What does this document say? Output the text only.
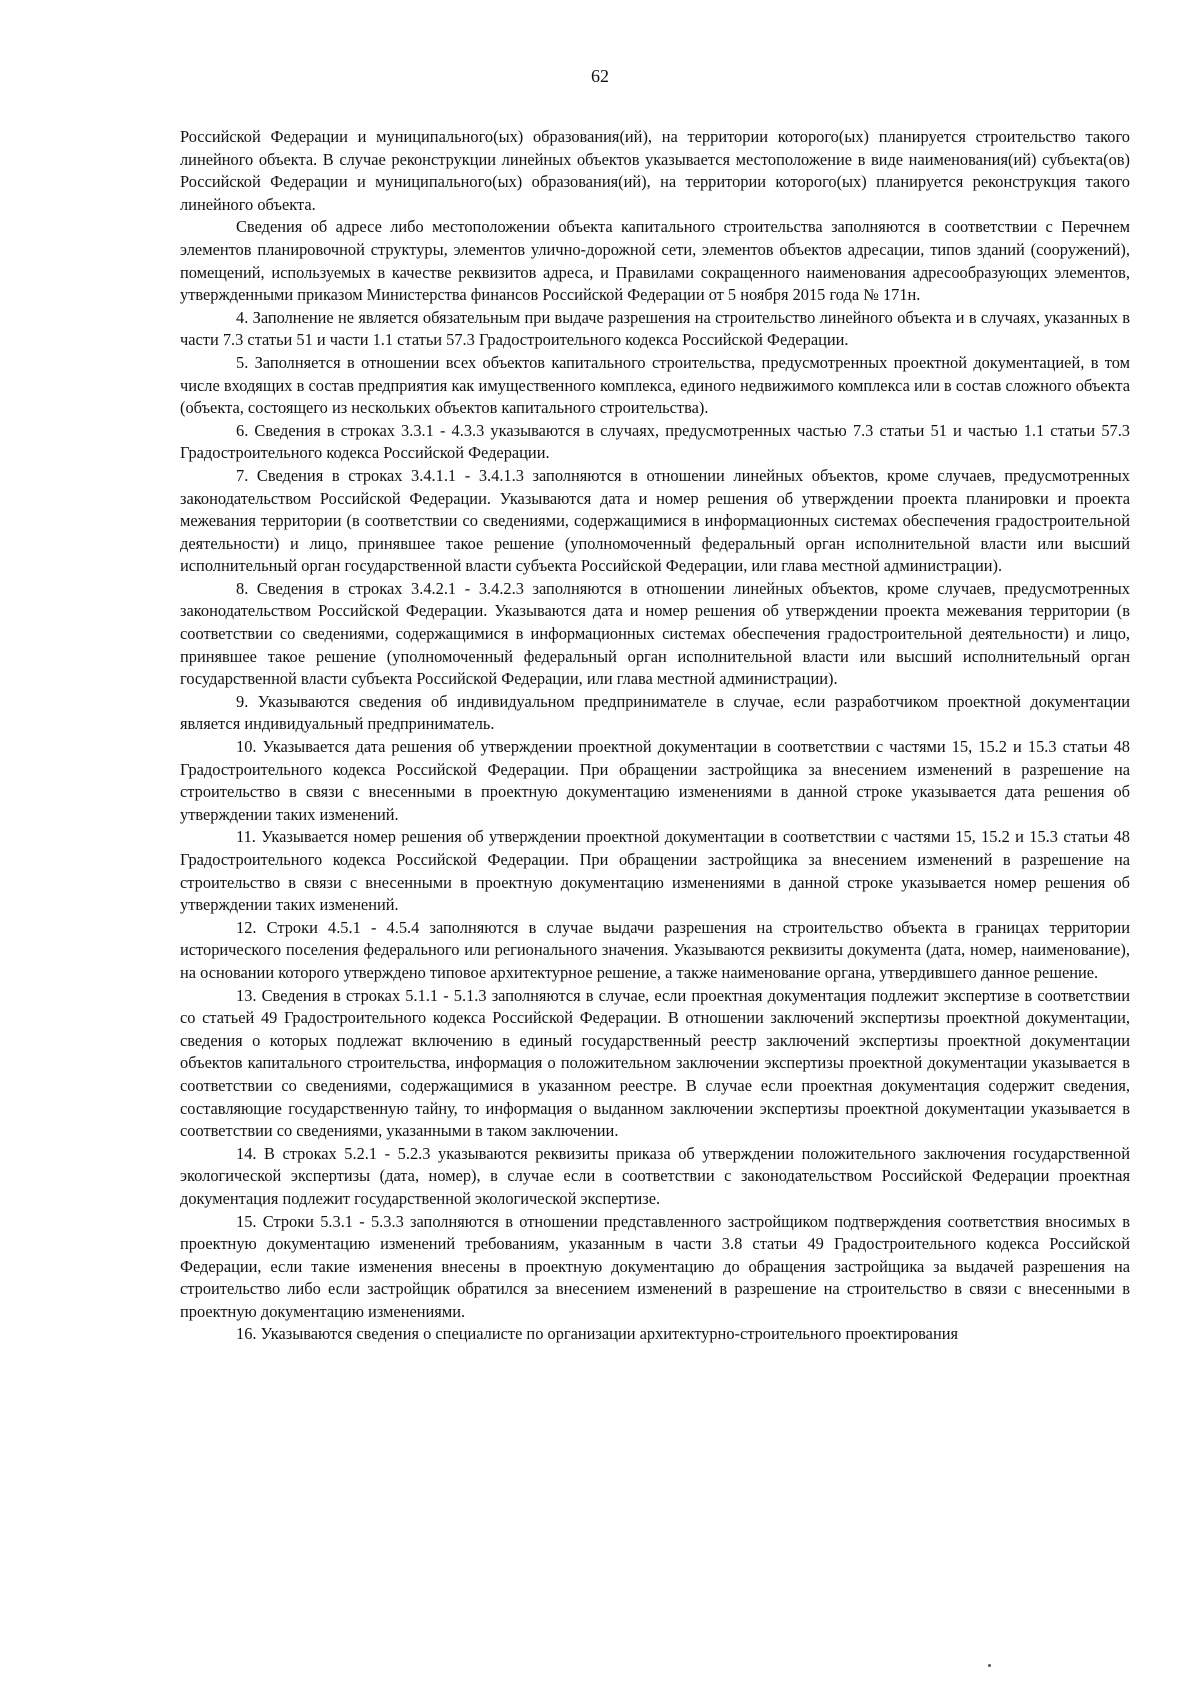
62

Российской Федерации и муниципального(ых) образования(ий), на территории которого(ых) планируется строительство такого линейного объекта. В случае реконструкции линейных объектов указывается местоположение в виде наименования(ий) субъекта(ов) Российской Федерации и муниципального(ых) образования(ий), на территории которого(ых) планируется реконструкция такого линейного объекта.

Сведения об адресе либо местоположении объекта капитального строительства заполняются в соответствии с Перечнем элементов планировочной структуры, элементов улично-дорожной сети, элементов объектов адресации, типов зданий (сооружений), помещений, используемых в качестве реквизитов адреса, и Правилами сокращенного наименования адресообразующих элементов, утвержденными приказом Министерства финансов Российской Федерации от 5 ноября 2015 года № 171н.

4. Заполнение не является обязательным при выдаче разрешения на строительство линейного объекта и в случаях, указанных в части 7.3 статьи 51 и части 1.1 статьи 57.3 Градостроительного кодекса Российской Федерации.

5. Заполняется в отношении всех объектов капитального строительства, предусмотренных проектной документацией, в том числе входящих в состав предприятия как имущественного комплекса, единого недвижимого комплекса или в состав сложного объекта (объекта, состоящего из нескольких объектов капитального строительства).

6. Сведения в строках 3.3.1 - 4.3.3 указываются в случаях, предусмотренных частью 7.3 статьи 51 и частью 1.1 статьи 57.3 Градостроительного кодекса Российской Федерации.

7. Сведения в строках 3.4.1.1 - 3.4.1.3 заполняются в отношении линейных объектов, кроме случаев, предусмотренных законодательством Российской Федерации. Указываются дата и номер решения об утверждении проекта планировки и проекта межевания территории (в соответствии со сведениями, содержащимися в информационных системах обеспечения градостроительной деятельности) и лицо, принявшее такое решение (уполномоченный федеральный орган исполнительной власти или высший исполнительный орган государственной власти субъекта Российской Федерации, или глава местной администрации).

8. Сведения в строках 3.4.2.1 - 3.4.2.3 заполняются в отношении линейных объектов, кроме случаев, предусмотренных законодательством Российской Федерации. Указываются дата и номер решения об утверждении проекта межевания территории (в соответствии со сведениями, содержащимися в информационных системах обеспечения градостроительной деятельности) и лицо, принявшее такое решение (уполномоченный федеральный орган исполнительной власти или высший исполнительный орган государственной власти субъекта Российской Федерации, или глава местной администрации).

9. Указываются сведения об индивидуальном предпринимателе в случае, если разработчиком проектной документации является индивидуальный предприниматель.

10. Указывается дата решения об утверждении проектной документации в соответствии с частями 15, 15.2 и 15.3 статьи 48 Градостроительного кодекса Российской Федерации. При обращении застройщика за внесением изменений в разрешение на строительство в связи с внесенными в проектную документацию изменениями в данной строке указывается дата решения об утверждении таких изменений.

11. Указывается номер решения об утверждении проектной документации в соответствии с частями 15, 15.2 и 15.3 статьи 48 Градостроительного кодекса Российской Федерации. При обращении застройщика за внесением изменений в разрешение на строительство в связи с внесенными в проектную документацию изменениями в данной строке указывается номер решения об утверждении таких изменений.

12. Строки 4.5.1 - 4.5.4 заполняются в случае выдачи разрешения на строительство объекта в границах территории исторического поселения федерального или регионального значения. Указываются реквизиты документа (дата, номер, наименование), на основании которого утверждено типовое архитектурное решение, а также наименование органа, утвердившего данное решение.

13. Сведения в строках 5.1.1 - 5.1.3 заполняются в случае, если проектная документация подлежит экспертизе в соответствии со статьей 49 Градостроительного кодекса Российской Федерации. В отношении заключений экспертизы проектной документации, сведения о которых подлежат включению в единый государственный реестр заключений экспертизы проектной документации объектов капитального строительства, информация о положительном заключении экспертизы проектной документации указывается в соответствии со сведениями, содержащимися в указанном реестре. В случае если проектная документация содержит сведения, составляющие государственную тайну, то информация о выданном заключении экспертизы проектной документации указывается в соответствии со сведениями, указанными в таком заключении.

14. В строках 5.2.1 - 5.2.3 указываются реквизиты приказа об утверждении положительного заключения государственной экологической экспертизы (дата, номер), в случае если в соответствии с законодательством Российской Федерации проектная документация подлежит государственной экологической экспертизе.

15. Строки 5.3.1 - 5.3.3 заполняются в отношении представленного застройщиком подтверждения соответствия вносимых в проектную документацию изменений требованиям, указанным в части 3.8 статьи 49 Градостроительного кодекса Российской Федерации, если такие изменения внесены в проектную документацию до обращения застройщика за выдачей разрешения на строительство либо если застройщик обратился за внесением изменений в разрешение на строительство в связи с внесенными в проектную документацию изменениями.

16. Указываются сведения о специалисте по организации архитектурно-строительного проектирования
